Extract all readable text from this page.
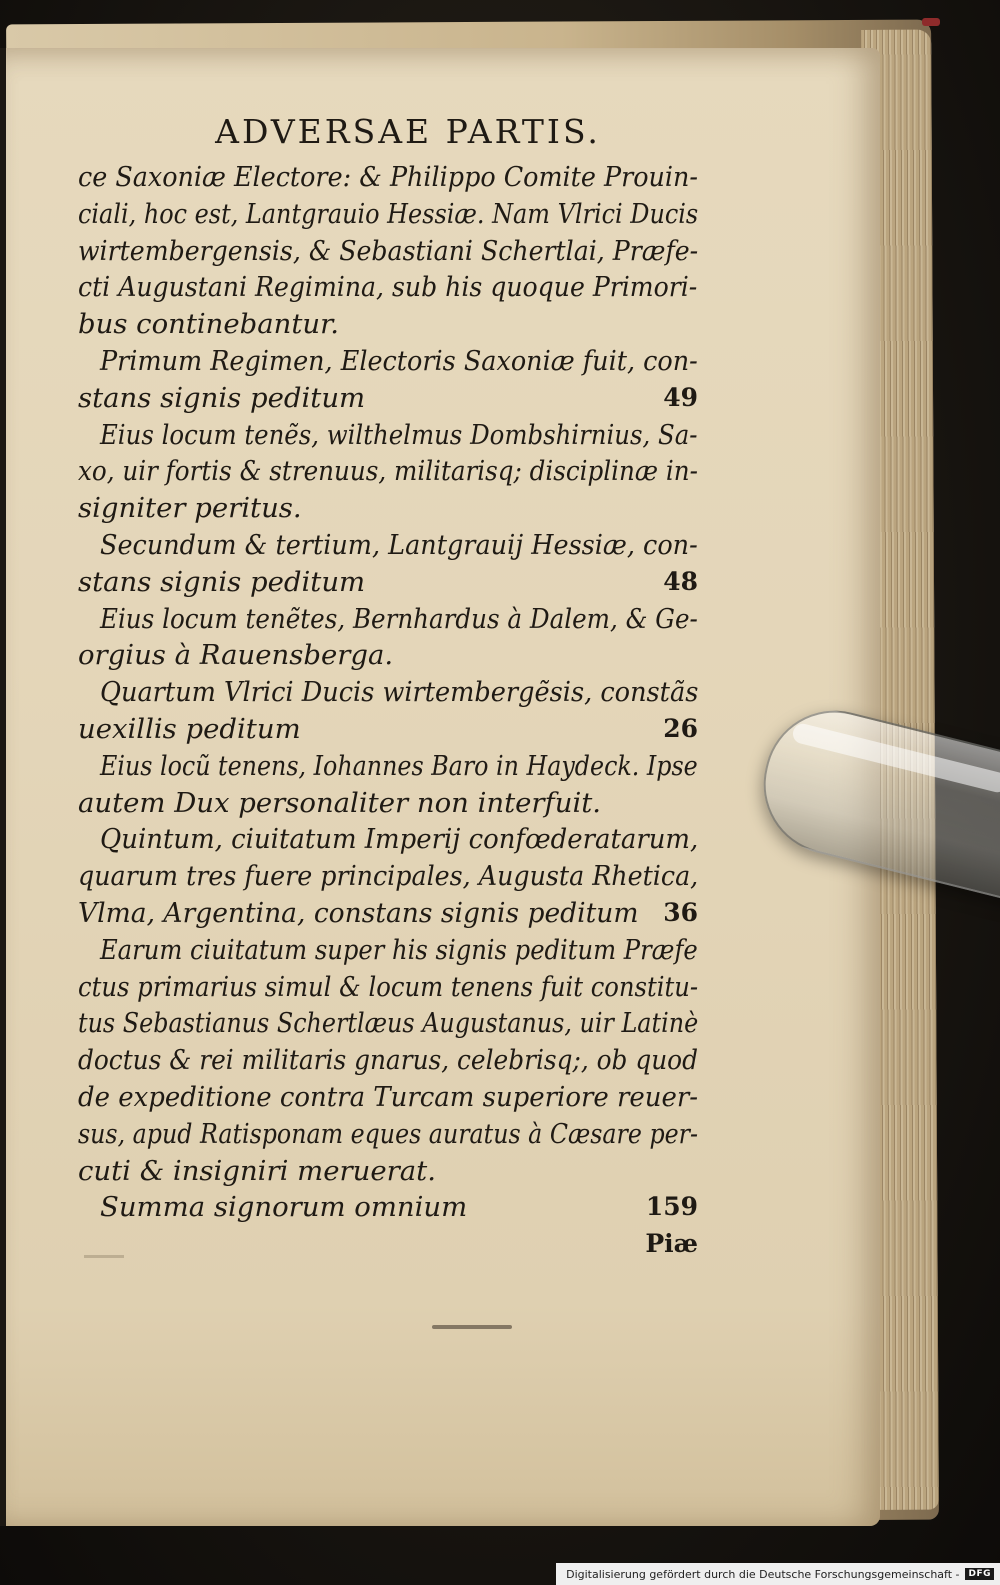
ADVERSAE PARTIS.
ce Saxoniæ Electore: & Philippo Comite Prouin-
ciali, hoc est, Lantgrauio Hessiæ. Nam Vlrici Ducis
wirtembergensis, & Sebastiani Schertlai, Præfe-
cti Augustani Regimina, sub his quoque Primori-
bus continebantur.
Primum Regimen, Electoris Saxoniæ fuit, con-
stans signis peditum	49
Eius locum tenẽs, wilthelmus Dombshirnius, Sa-
xo, uir fortis & strenuus, militarisq; disciplinæ in-
signiter peritus.
Secundum & tertium, Lantgrauij Hessiæ, con-
stans signis peditum	48
Eius locum tenẽtes, Bernhardus à Dalem, & Ge-
orgius à Rauensberga.
Quartum Vlrici Ducis wirtembergẽsis, constãs
uexillis peditum	26
Eius locũ tenens, Iohannes Baro in Haydeck. Ipse
autem Dux personaliter non interfuit.
Quintum, ciuitatum Imperij confœderatarum,
quarum tres fuere principales, Augusta Rhetica,
Vlma, Argentina, constans signis peditum 36
Earum ciuitatum super his signis peditum Præfe
ctus primarius simul & locum tenens fuit constitu-
tus Sebastianus Schertlæus Augustanus, uir Latinè
doctus & rei militaris gnarus, celebrisq;, ob quod
de expeditione contra Turcam superiore reuer-
sus, apud Ratisponam eques auratus à Cæsare per-
cuti & insigniri meruerat.
Summa signorum omnium	159
Piæ
Digitalisierung gefördert durch die Deutsche Forschungsgemeinschaft -	DFG
